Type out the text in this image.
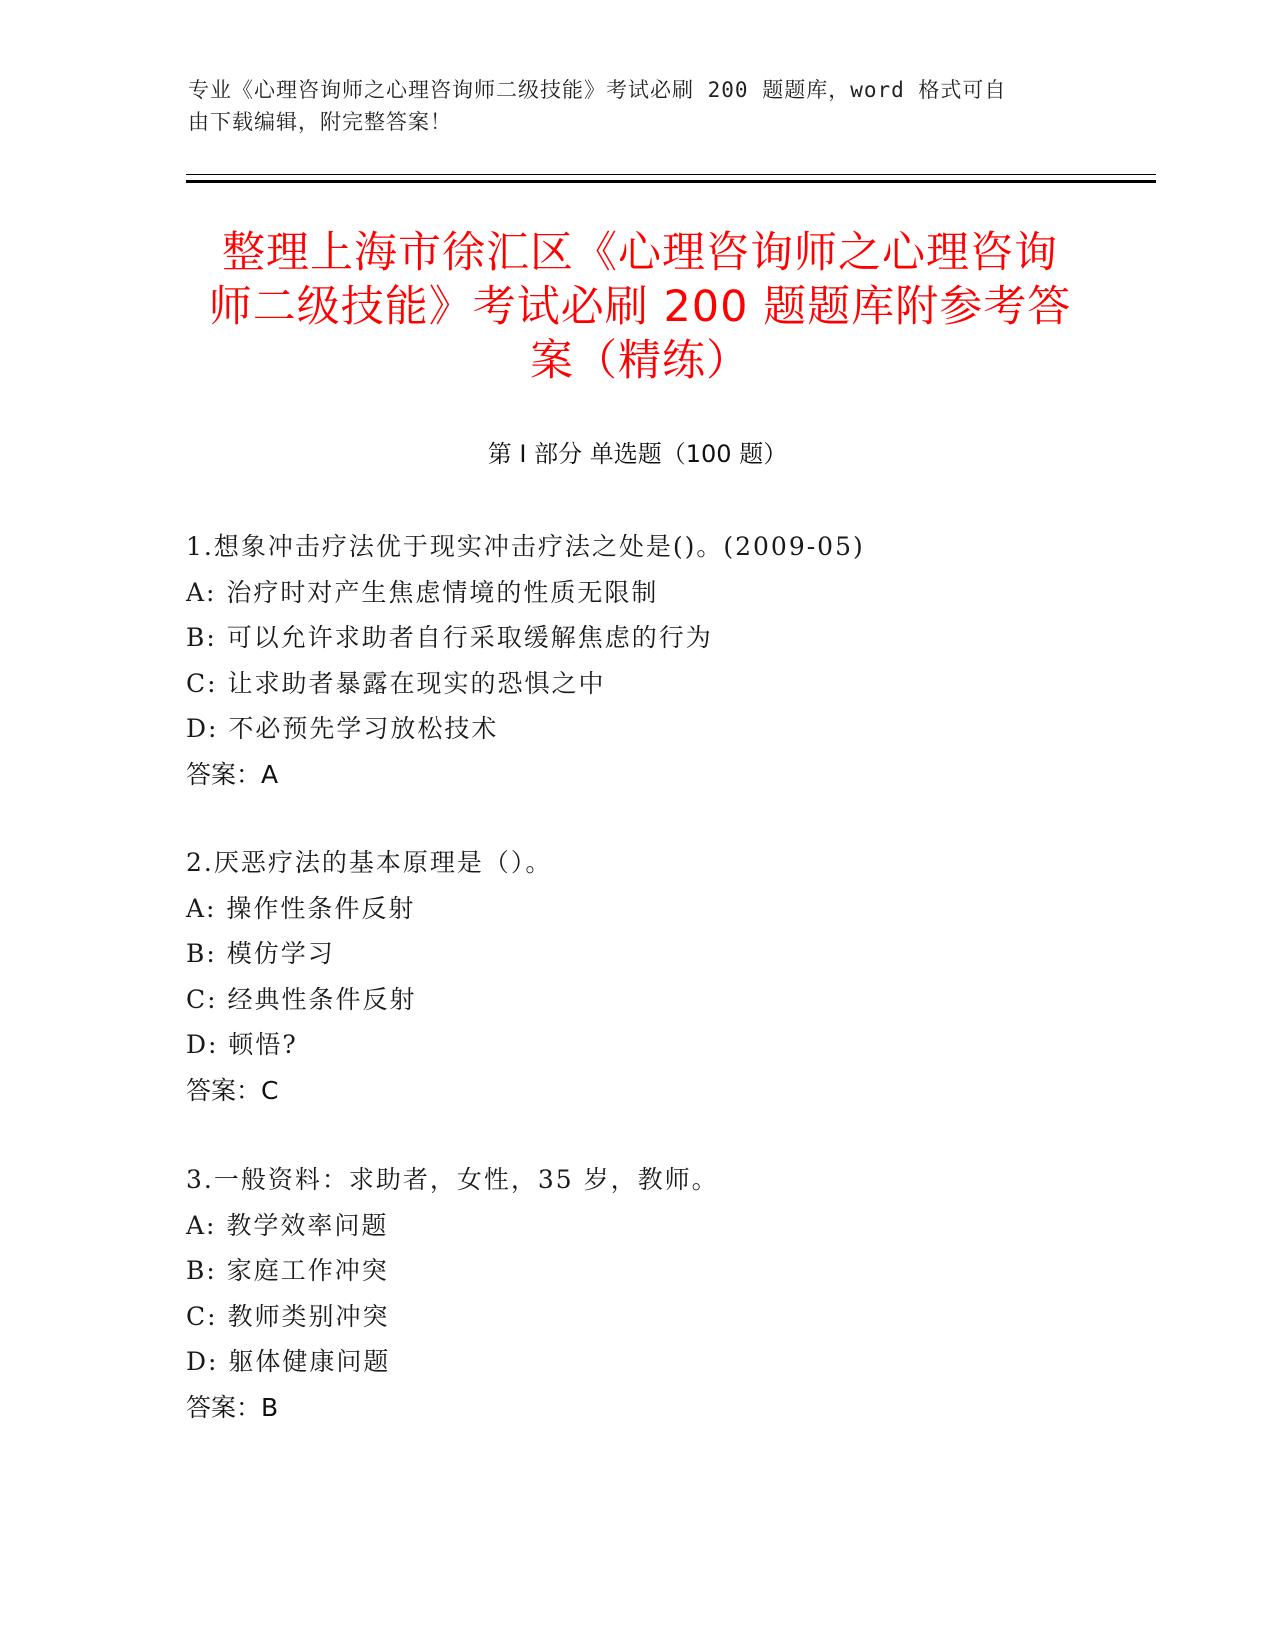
专业《心理咨询师之心理咨询师二级技能》考试必刷 200 题题库，word 格式可自
由下载编辑，附完整答案！
整理上海市徐汇区《心理咨询师之心理咨询
师二级技能》考试必刷 200 题题库附参考答
案（精练）
第 I 部分 单选题（100 题）
1.想象冲击疗法优于现实冲击疗法之处是()。(2009-05)
A: 治疗时对产生焦虑情境的性质无限制
B: 可以允许求助者自行采取缓解焦虑的行为
C: 让求助者暴露在现实的恐惧之中
D: 不必预先学习放松技术
答案：A
2.厌恶疗法的基本原理是（）。
A: 操作性条件反射
B: 模仿学习
C: 经典性条件反射
D: 顿悟?
答案：C
3.一般资料：求助者，女性，35 岁，教师。
A: 教学效率问题
B: 家庭工作冲突
C: 教师类别冲突
D: 躯体健康问题
答案：B
